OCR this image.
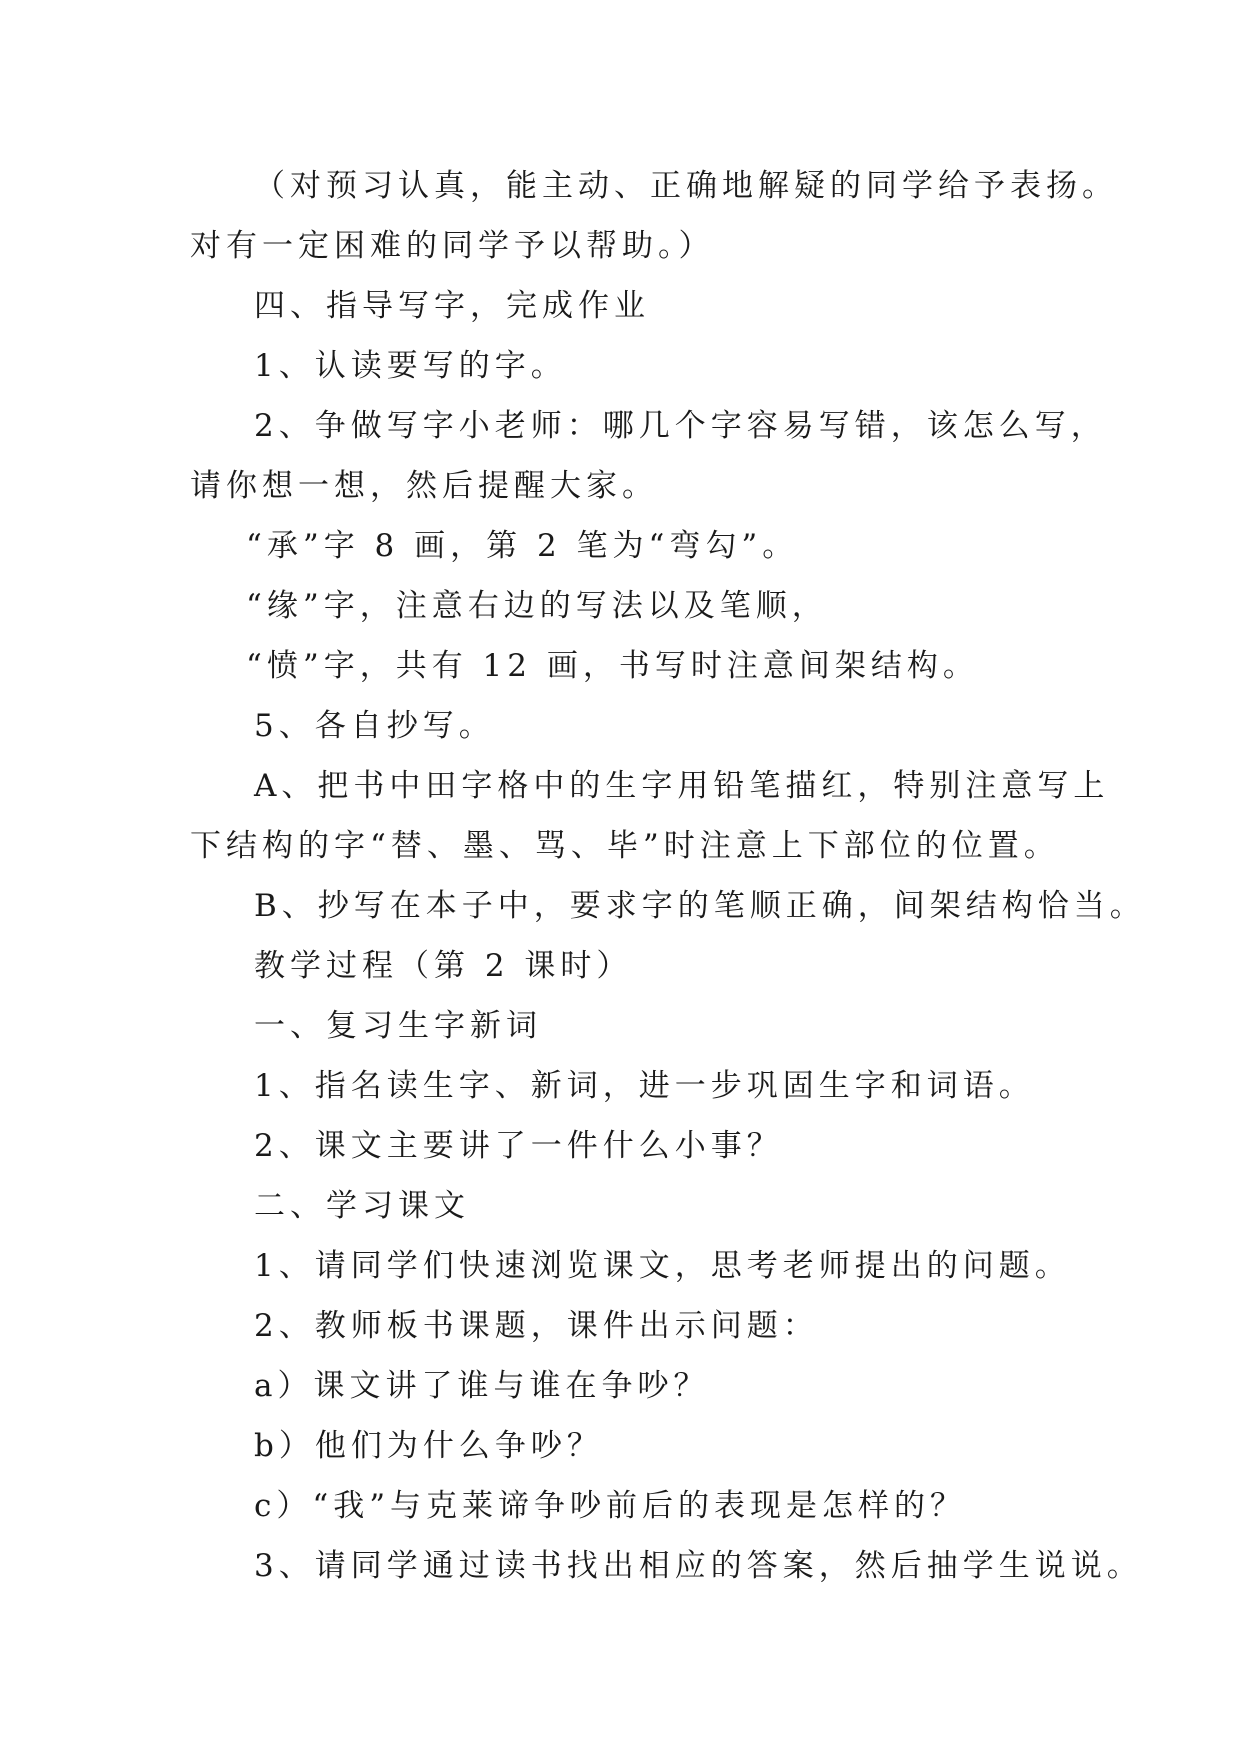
（对预习认真，能主动、正确地解疑的同学给予表扬。
对有一定困难的同学予以帮助。）
四、指导写字，完成作业
1、认读要写的字。
2、争做写字小老师：哪几个字容易写错，该怎么写，
请你想一想，然后提醒大家。
“承”字 8 画，第 2 笔为“弯勾”。
“缘”字，注意右边的写法以及笔顺，
“愤”字，共有 12 画，书写时注意间架结构。
5、各自抄写。
A、把书中田字格中的生字用铅笔描红，特别注意写上
下结构的字“替、墨、骂、毕”时注意上下部位的位置。
B、抄写在本子中，要求字的笔顺正确，间架结构恰当。
教学过程（第 2 课时）
一、复习生字新词
1、指名读生字、新词，进一步巩固生字和词语。
2、课文主要讲了一件什么小事？
二、学习课文
1、请同学们快速浏览课文，思考老师提出的问题。
2、教师板书课题，课件出示问题：
a）课文讲了谁与谁在争吵？
b）他们为什么争吵？
c）“我”与克莱谛争吵前后的表现是怎样的？
3、请同学通过读书找出相应的答案，然后抽学生说说。
